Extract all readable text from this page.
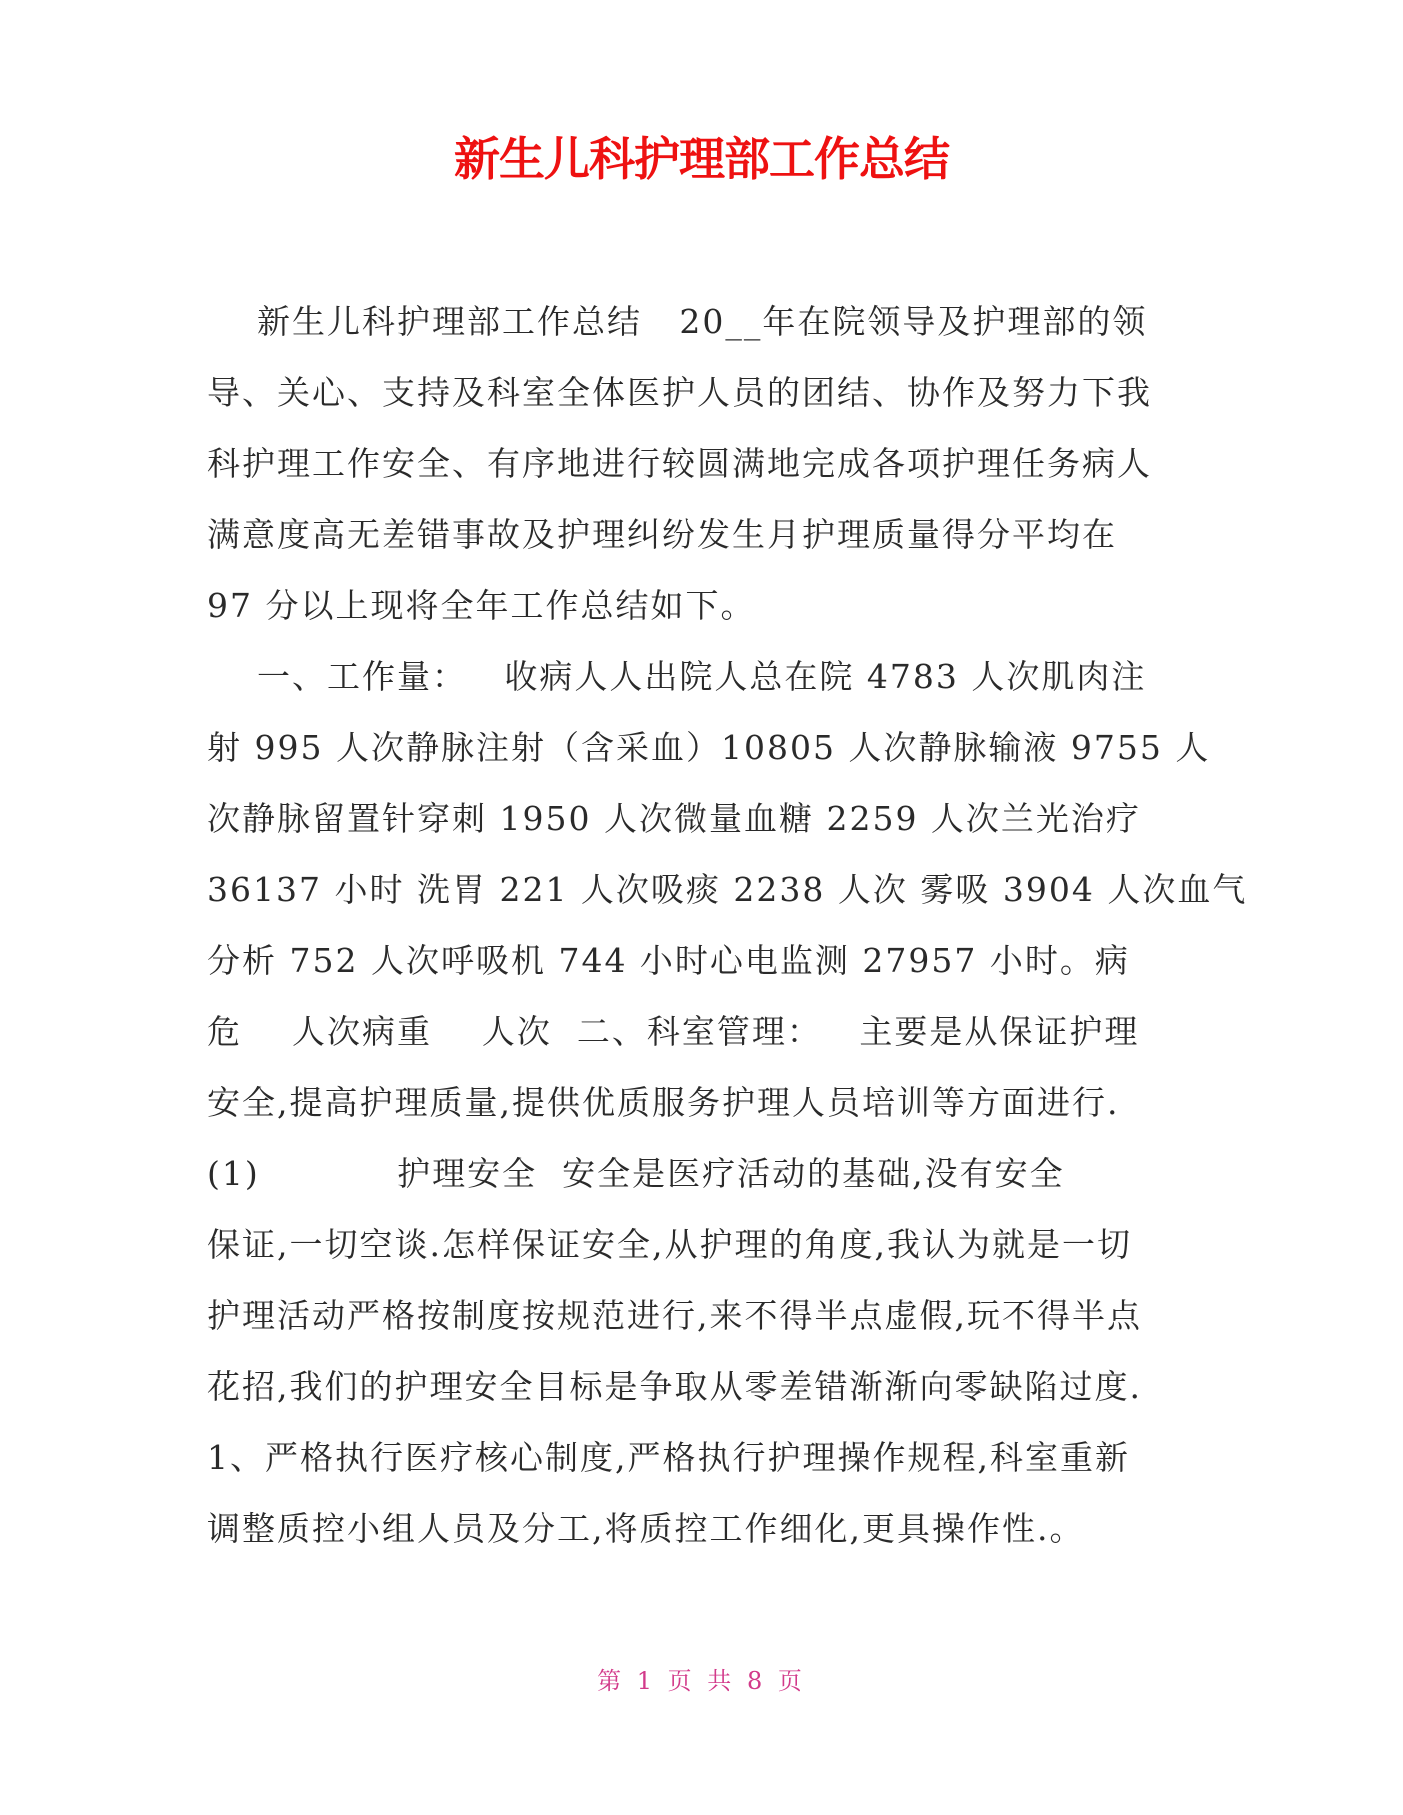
新生儿科护理部工作总结
新生儿科护理部工作总结   20__年在院领导及护理部的领
导、关心、支持及科室全体医护人员的团结、协作及努力下我
科护理工作安全、有序地进行较圆满地完成各项护理任务病人
满意度高无差错事故及护理纠纷发生月护理质量得分平均在
97 分以上现将全年工作总结如下。
一、工作量：   收病人人出院人总在院 4783 人次肌肉注
射 995 人次静脉注射（含采血）10805 人次静脉输液 9755 人
次静脉留置针穿刺 1950 人次微量血糖 2259 人次兰光治疗
36137 小时 洗胃 221 人次吸痰 2238 人次 雾吸 3904 人次血气
分析 752 人次呼吸机 744 小时心电监测 27957 小时。病
危    人次病重    人次  二、科室管理：   主要是从保证护理
安全,提高护理质量,提供优质服务护理人员培训等方面进行.
(1)           护理安全  安全是医疗活动的基础,没有安全
保证,一切空谈.怎样保证安全,从护理的角度,我认为就是一切
护理活动严格按制度按规范进行,来不得半点虚假,玩不得半点
花招,我们的护理安全目标是争取从零差错渐渐向零缺陷过度.
1、严格执行医疗核心制度,严格执行护理操作规程,科室重新
调整质控小组人员及分工,将质控工作细化,更具操作性.。
第 1 页 共 8 页
